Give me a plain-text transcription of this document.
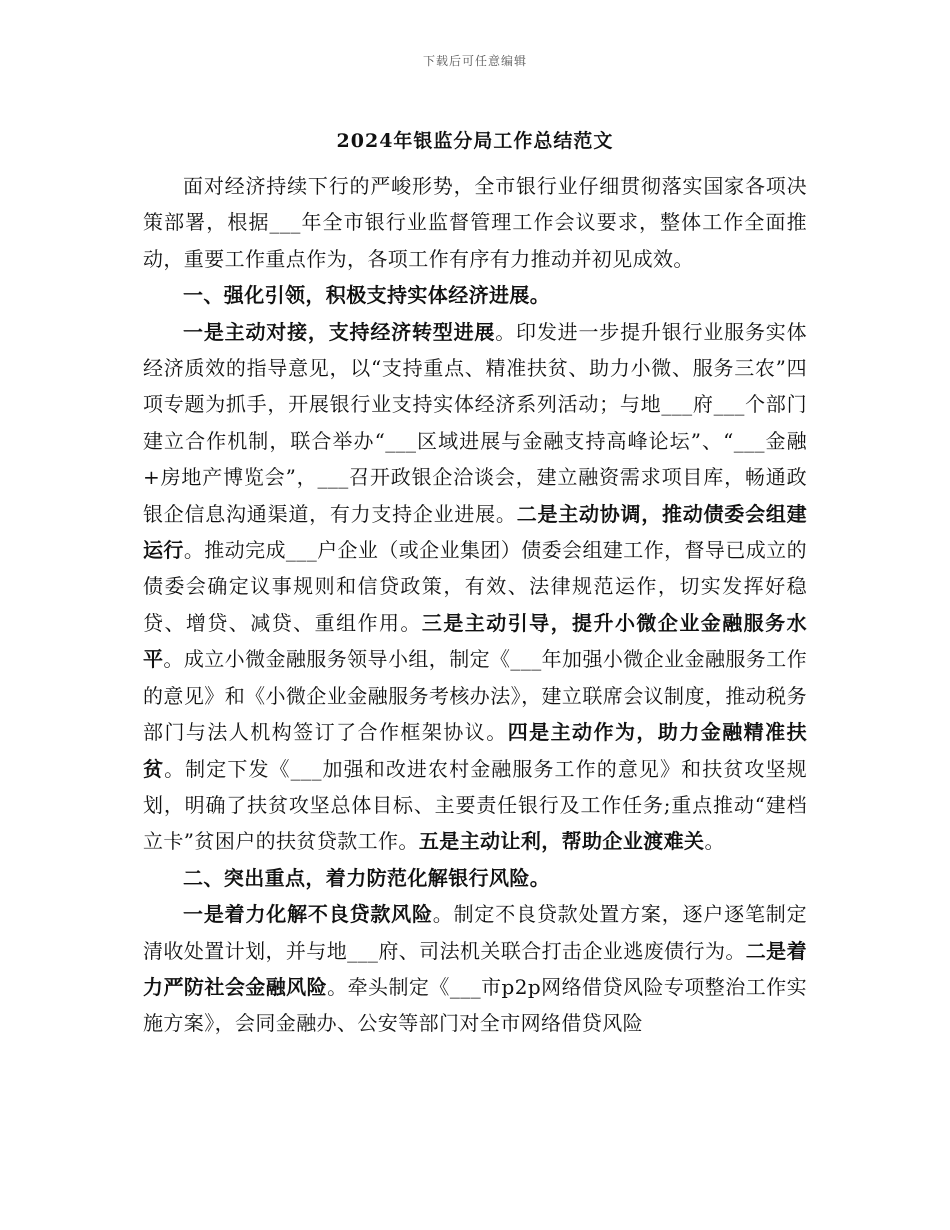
下载后可任意编辑
2024年银监分局工作总结范文

面对经济持续下行的严峻形势，全市银行业仔细贯彻落实国家各项决策部署，根据___年全市银行业监督管理工作会议要求，整体工作全面推动，重要工作重点作为，各项工作有序有力推动并初见成效。

一、强化引领，积极支持实体经济进展。

一是主动对接，支持经济转型进展。印发进一步提升银行业服务实体经济质效的指导意见，以“支持重点、精准扶贫、助力小微、服务三农”四项专题为抓手，开展银行业支持实体经济系列活动；与地___府___个部门建立合作机制，联合举办“___区域进展与金融支持高峰论坛”、“___金融+房地产博览会”，___召开政银企洽谈会，建立融资需求项目库，畅通政银企信息沟通渠道，有力支持企业进展。二是主动协调，推动债委会组建运行。推动完成___户企业（或企业集团）债委会组建工作，督导已成立的债委会确定议事规则和信贷政策，有效、法律规范运作，切实发挥好稳贷、增贷、减贷、重组作用。三是主动引导，提升小微企业金融服务水平。成立小微金融服务领导小组，制定《___年加强小微企业金融服务工作的意见》和《小微企业金融服务考核办法》，建立联席会议制度，推动税务部门与法人机构签订了合作框架协议。四是主动作为，助力金融精准扶贫。制定下发《___加强和改进农村金融服务工作的意见》和扶贫攻坚规划，明确了扶贫攻坚总体目标、主要责任银行及工作任务;重点推动“建档立卡”贫困户的扶贫贷款工作。五是主动让利，帮助企业渡难关。

二、突出重点，着力防范化解银行风险。

一是着力化解不良贷款风险。制定不良贷款处置方案，逐户逐笔制定清收处置计划，并与地___府、司法机关联合打击企业逃废债行为。二是着力严防社会金融风险。牵头制定《___市p2p网络借贷风险专项整治工作实施方案》，会同金融办、公安等部门对全市网络借贷风险
